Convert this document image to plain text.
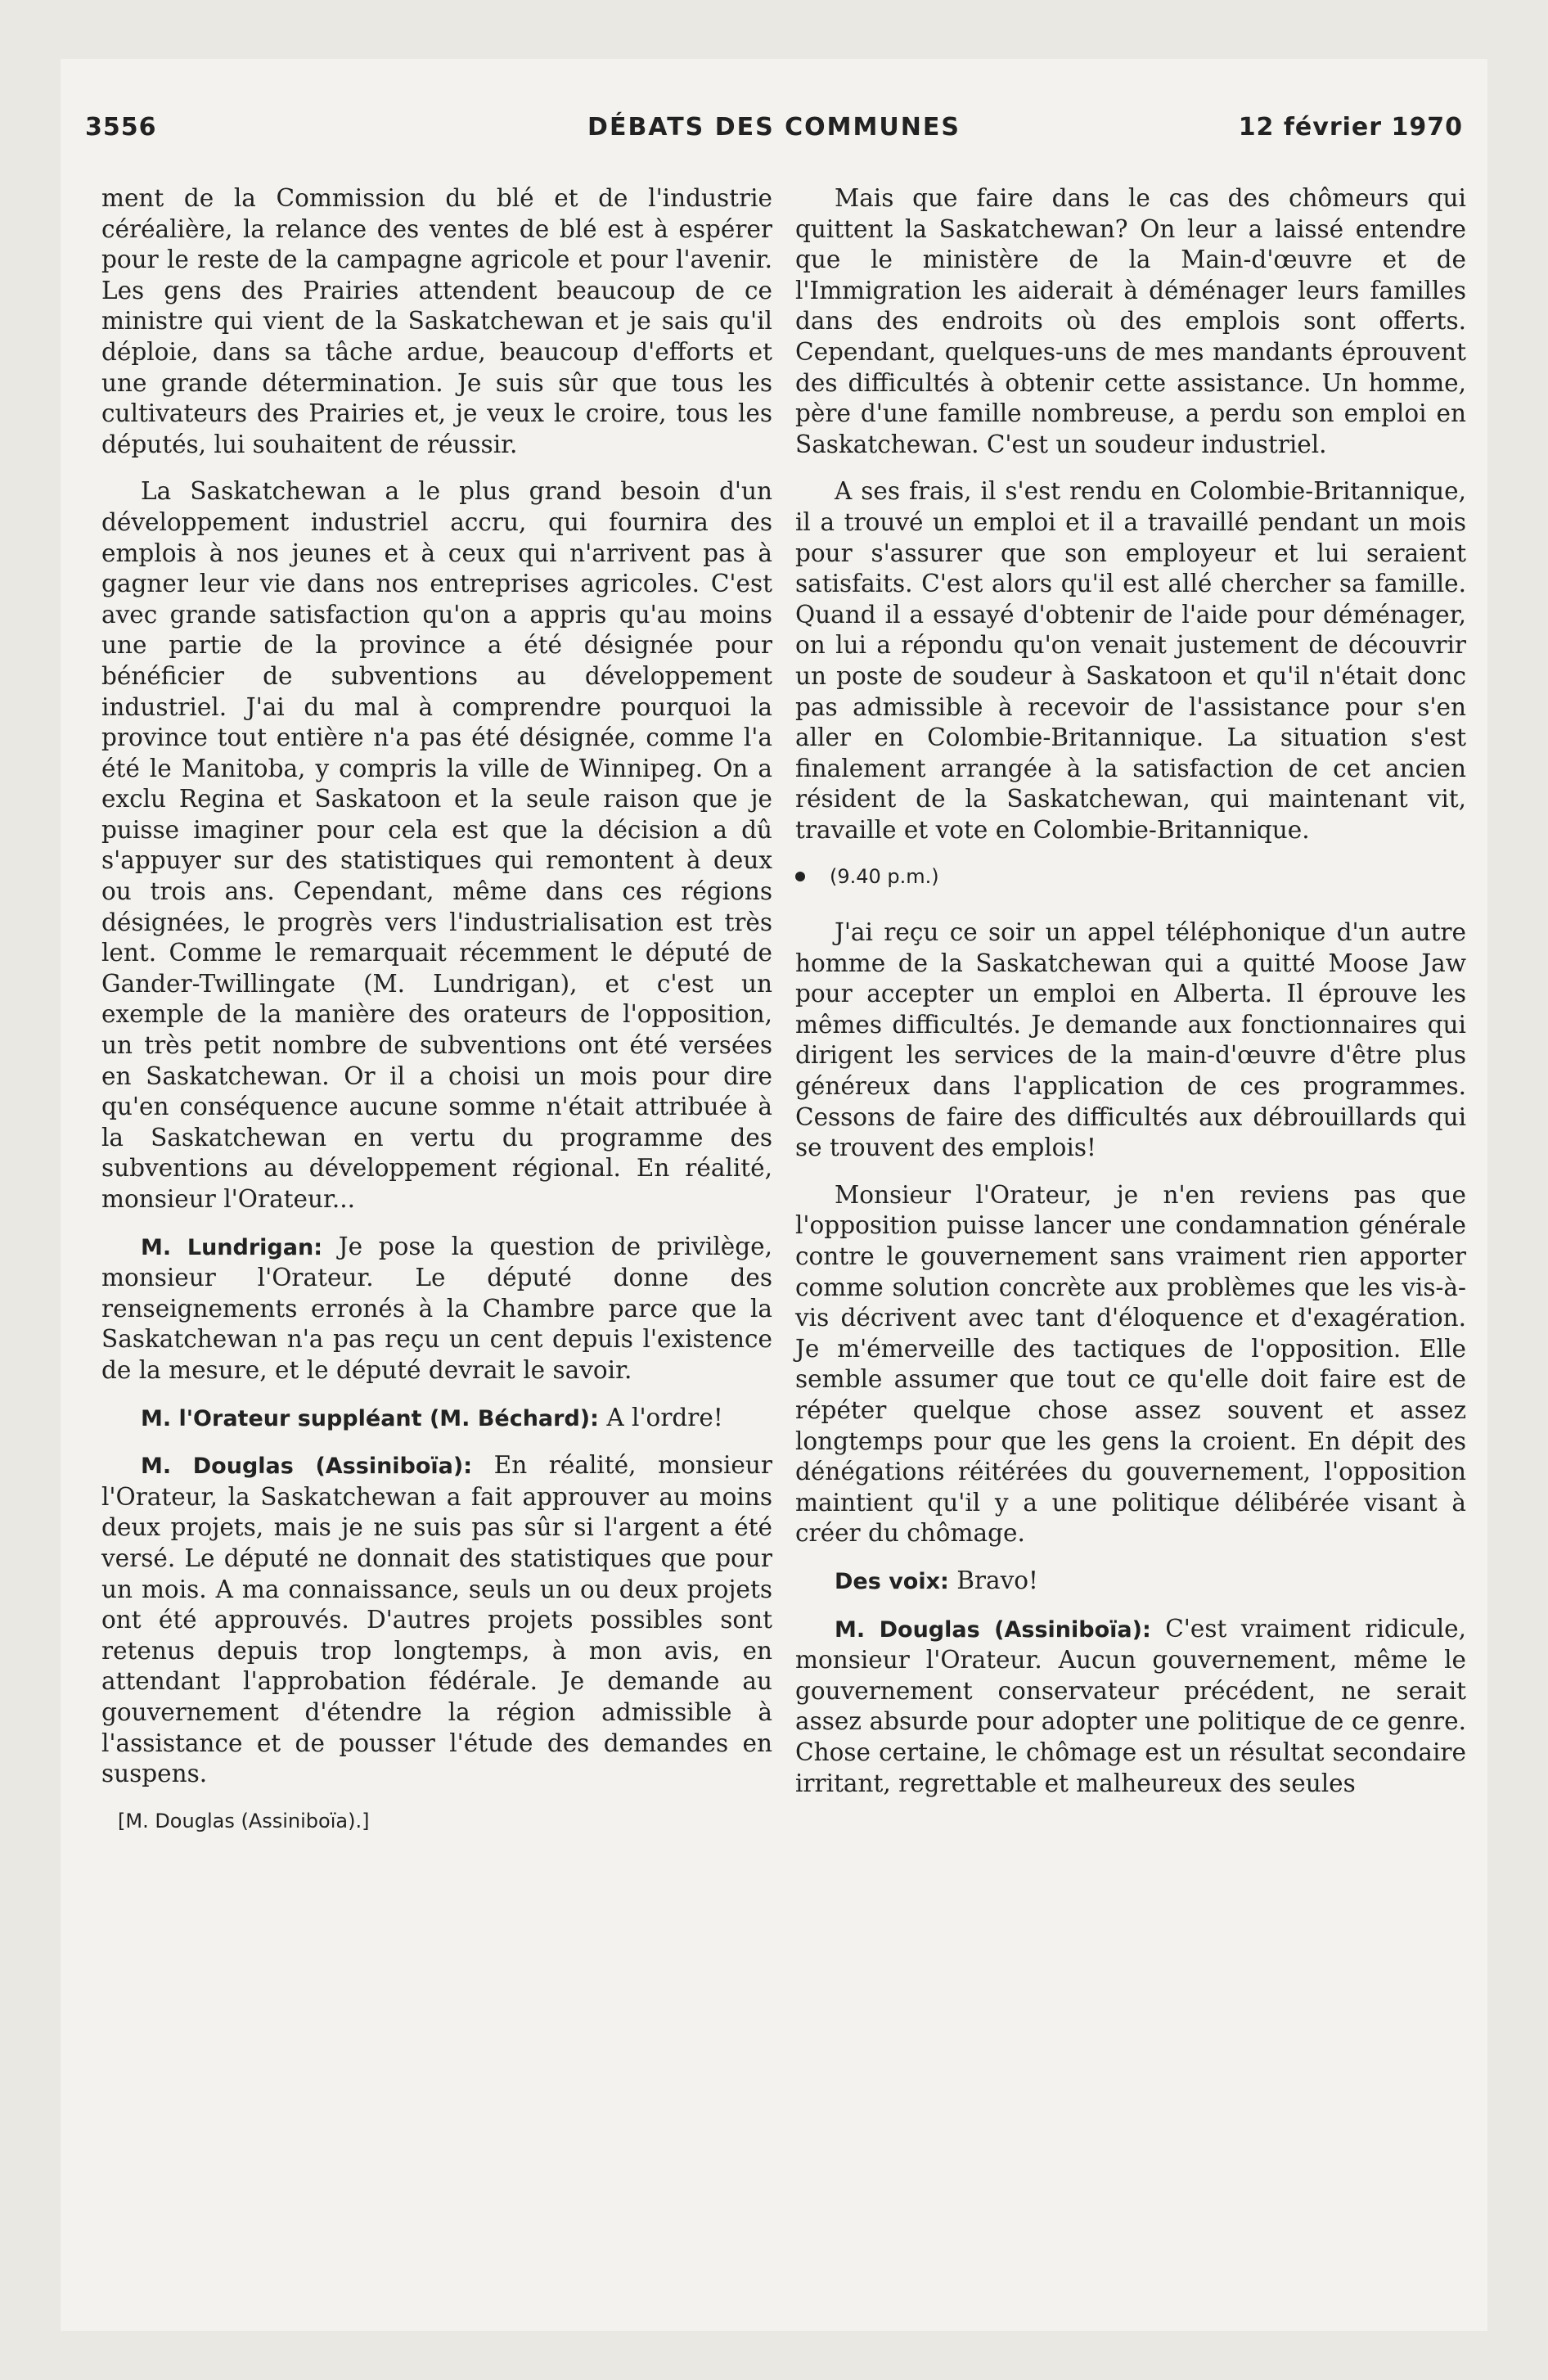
3556	DÉBATS DES COMMUNES	12 février 1970

ment de la Commission du blé et de l'industrie céréalière, la relance des ventes de blé est à espérer pour le reste de la campagne agricole et pour l'avenir. Les gens des Prairies attendent beaucoup de ce ministre qui vient de la Saskatchewan et je sais qu'il déploie, dans sa tâche ardue, beaucoup d'efforts et une grande détermination. Je suis sûr que tous les cultivateurs des Prairies et, je veux le croire, tous les députés, lui souhaitent de réussir.

La Saskatchewan a le plus grand besoin d'un développement industriel accru, qui fournira des emplois à nos jeunes et à ceux qui n'arrivent pas à gagner leur vie dans nos entreprises agricoles. C'est avec grande satisfaction qu'on a appris qu'au moins une partie de la province a été désignée pour bénéficier de subventions au développement industriel. J'ai du mal à comprendre pourquoi la province tout entière n'a pas été désignée, comme l'a été le Manitoba, y compris la ville de Winnipeg. On a exclu Regina et Saskatoon et la seule raison que je puisse imaginer pour cela est que la décision a dû s'appuyer sur des statistiques qui remontent à deux ou trois ans. Cependant, même dans ces régions désignées, le progrès vers l'industrialisation est très lent. Comme le remarquait récemment le député de Gander-Twillingate (M. Lundrigan), et c'est un exemple de la manière des orateurs de l'opposition, un très petit nombre de subventions ont été versées en Saskatchewan. Or il a choisi un mois pour dire qu'en conséquence aucune somme n'était attribuée à la Saskatchewan en vertu du programme des subventions au développement régional. En réalité, monsieur l'Orateur...

M. Lundrigan: Je pose la question de privilège, monsieur l'Orateur. Le député donne des renseignements erronés à la Chambre parce que la Saskatchewan n'a pas reçu un cent depuis l'existence de la mesure, et le député devrait le savoir.

M. l'Orateur suppléant (M. Béchard): A l'ordre!

M. Douglas (Assiniboïa): En réalité, monsieur l'Orateur, la Saskatchewan a fait approuver au moins deux projets, mais je ne suis pas sûr si l'argent a été versé. Le député ne donnait des statistiques que pour un mois. A ma connaissance, seuls un ou deux projets ont été approuvés. D'autres projets possibles sont retenus depuis trop longtemps, à mon avis, en attendant l'approbation fédérale. Je demande au gouvernement d'étendre la région admissible à l'assistance et de pousser l'étude des demandes en suspens.

[M. Douglas (Assiniboïa).]

Mais que faire dans le cas des chômeurs qui quittent la Saskatchewan? On leur a laissé entendre que le ministère de la Main-d'œuvre et de l'Immigration les aiderait à déménager leurs familles dans des endroits où des emplois sont offerts. Cependant, quelques-uns de mes mandants éprouvent des difficultés à obtenir cette assistance. Un homme, père d'une famille nombreuse, a perdu son emploi en Saskatchewan. C'est un soudeur industriel.

A ses frais, il s'est rendu en Colombie-Britannique, il a trouvé un emploi et il a travaillé pendant un mois pour s'assurer que son employeur et lui seraient satisfaits. C'est alors qu'il est allé chercher sa famille. Quand il a essayé d'obtenir de l'aide pour déménager, on lui a répondu qu'on venait justement de découvrir un poste de soudeur à Saskatoon et qu'il n'était donc pas admissible à recevoir de l'assistance pour s'en aller en Colombie-Britannique. La situation s'est finalement arrangée à la satisfaction de cet ancien résident de la Saskatchewan, qui maintenant vit, travaille et vote en Colombie-Britannique.

(9.40 p.m.)

J'ai reçu ce soir un appel téléphonique d'un autre homme de la Saskatchewan qui a quitté Moose Jaw pour accepter un emploi en Alberta. Il éprouve les mêmes difficultés. Je demande aux fonctionnaires qui dirigent les services de la main-d'œuvre d'être plus généreux dans l'application de ces programmes. Cessons de faire des difficultés aux débrouillards qui se trouvent des emplois!

Monsieur l'Orateur, je n'en reviens pas que l'opposition puisse lancer une condamnation générale contre le gouvernement sans vraiment rien apporter comme solution concrète aux problèmes que les vis-à-vis décrivent avec tant d'éloquence et d'exagération. Je m'émerveille des tactiques de l'opposition. Elle semble assumer que tout ce qu'elle doit faire est de répéter quelque chose assez souvent et assez longtemps pour que les gens la croient. En dépit des dénégations réitérées du gouvernement, l'opposition maintient qu'il y a une politique délibérée visant à créer du chômage.

Des voix: Bravo!

M. Douglas (Assiniboïa): C'est vraiment ridicule, monsieur l'Orateur. Aucun gouvernement, même le gouvernement conservateur précédent, ne serait assez absurde pour adopter une politique de ce genre. Chose certaine, le chômage est un résultat secondaire irritant, regrettable et malheureux des seules
